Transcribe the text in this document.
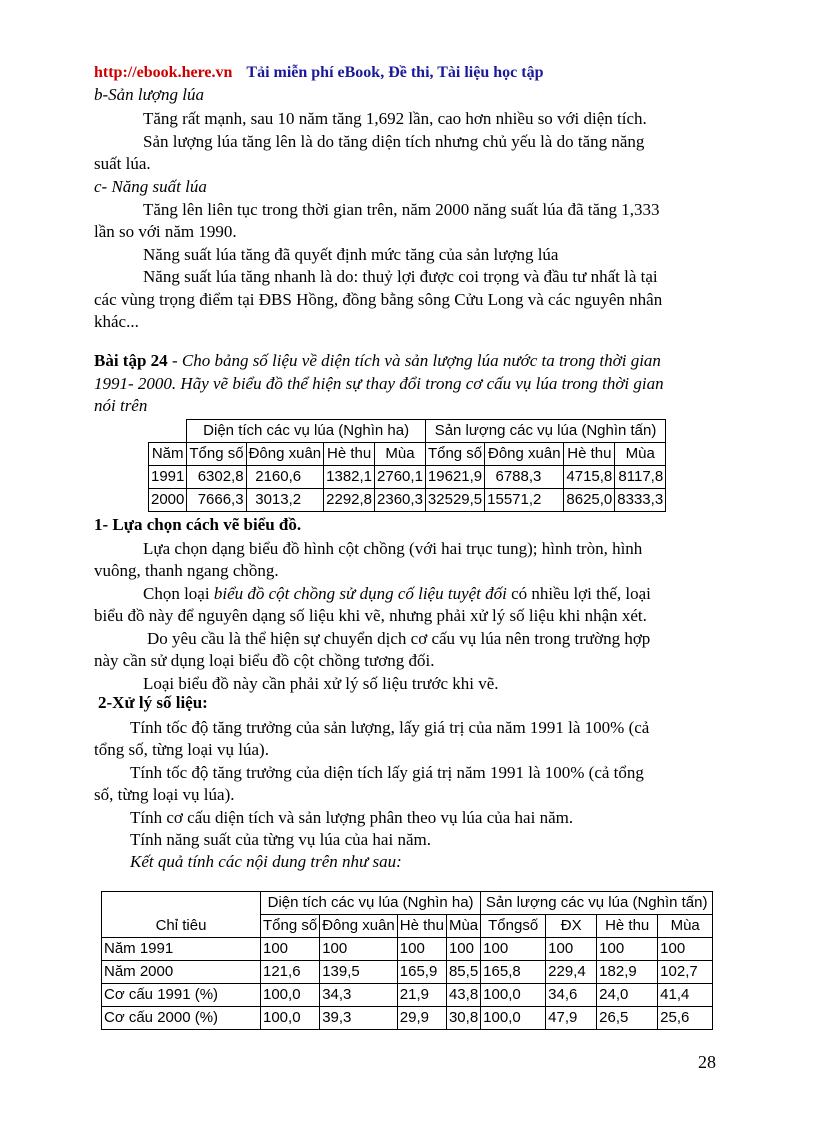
http://ebook.here.vn Tải miễn phí eBook, Đề thi, Tài liệu học tập
b-Sản lượng lúa
Tăng rất mạnh, sau 10 năm tăng 1,692 lần, cao hơn nhiều so với diện tích.
Sản lượng lúa tăng lên là do tăng diện tích nhưng chủ yếu là do tăng năng
suất lúa.
c- Năng suất lúa
Tăng lên liên tục trong thời gian trên, năm 2000 năng suất lúa đã tăng 1,333
lần so với năm 1990.
Năng suất lúa tăng đã quyết định mức tăng của sản lượng lúa
Năng suất lúa tăng nhanh là do: thuỷ lợi được coi trọng và đầu tư nhất là tại
các vùng trọng điểm tại ĐBS Hồng, đồng bằng sông Cửu Long và các nguyên nhân
khác...
Bài tập 24 - Cho bảng số liệu về diện tích và sản lượng lúa nước ta trong thời gian
1991- 2000. Hãy vẽ biểu đồ thể hiện sự thay đổi trong cơ cấu vụ lúa trong thời gian
nói trên
	Diện tích các vụ lúa (Nghìn ha)				Sản lượng các vụ lúa (Nghìn tấn)			
Năm	Tổng số	Đông xuân	Hè thu	Mùa	Tổng số	Đông xuân	Hè thu	Mùa
1991	6302,8	2160,6	1382,1	2760,1	19621,9	6788,3	4715,8	8117,8
2000	7666,3	3013,2	2292,8	2360,3	32529,5	15571,2	8625,0	8333,3
1- Lựa chọn cách vẽ biểu đồ.
Lựa chọn dạng biểu đồ hình cột chồng (với hai trục tung); hình tròn, hình
vuông, thanh ngang chồng.
Chọn loại biểu đồ cột chồng sử dụng cố liệu tuyệt đối có nhiều lợi thế, loại
biểu đồ này để nguyên dạng số liệu khi vẽ, nhưng phải xử lý số liệu khi nhận xét.
Do yêu cầu là thể hiện sự chuyển dịch cơ cấu vụ lúa nên trong trường hợp
này cần sử dụng loại biểu đồ cột chồng tương đối.
Loại biểu đồ này cần phải xử lý số liệu trước khi vẽ.
2-Xử lý số liệu:
Tính tốc độ tăng trưởng của sản lượng, lấy giá trị của năm 1991 là 100% (cả
tổng số, từng loại vụ lúa).
Tính tốc độ tăng trưởng của diện tích lấy giá trị năm 1991 là 100% (cả tổng
số, từng loại vụ lúa).
Tính cơ cấu diện tích và sản lượng phân theo vụ lúa của hai năm.
Tính năng suất của từng vụ lúa của hai năm.
Kết quả tính các nội dung trên như sau:
Chỉ tiêu	Diện tích các vụ lúa (Nghìn ha)				Sản lượng các vụ lúa (Nghìn tấn)			
	Tổng số	Đông xuân	Hè thu	Mùa	Tổngsố	ĐX	Hè thu	Mùa
Năm 1991	100	100	100	100	100	100	100	100
Năm 2000	121,6	139,5	165,9	85,5	165,8	229,4	182,9	102,7
Cơ cấu 1991 (%)	100,0	34,3	21,9	43,8	100,0	34,6	24,0	41,4
Cơ cấu 2000 (%)	100,0	39,3	29,9	30,8	100,0	47,9	26,5	25,6
28
